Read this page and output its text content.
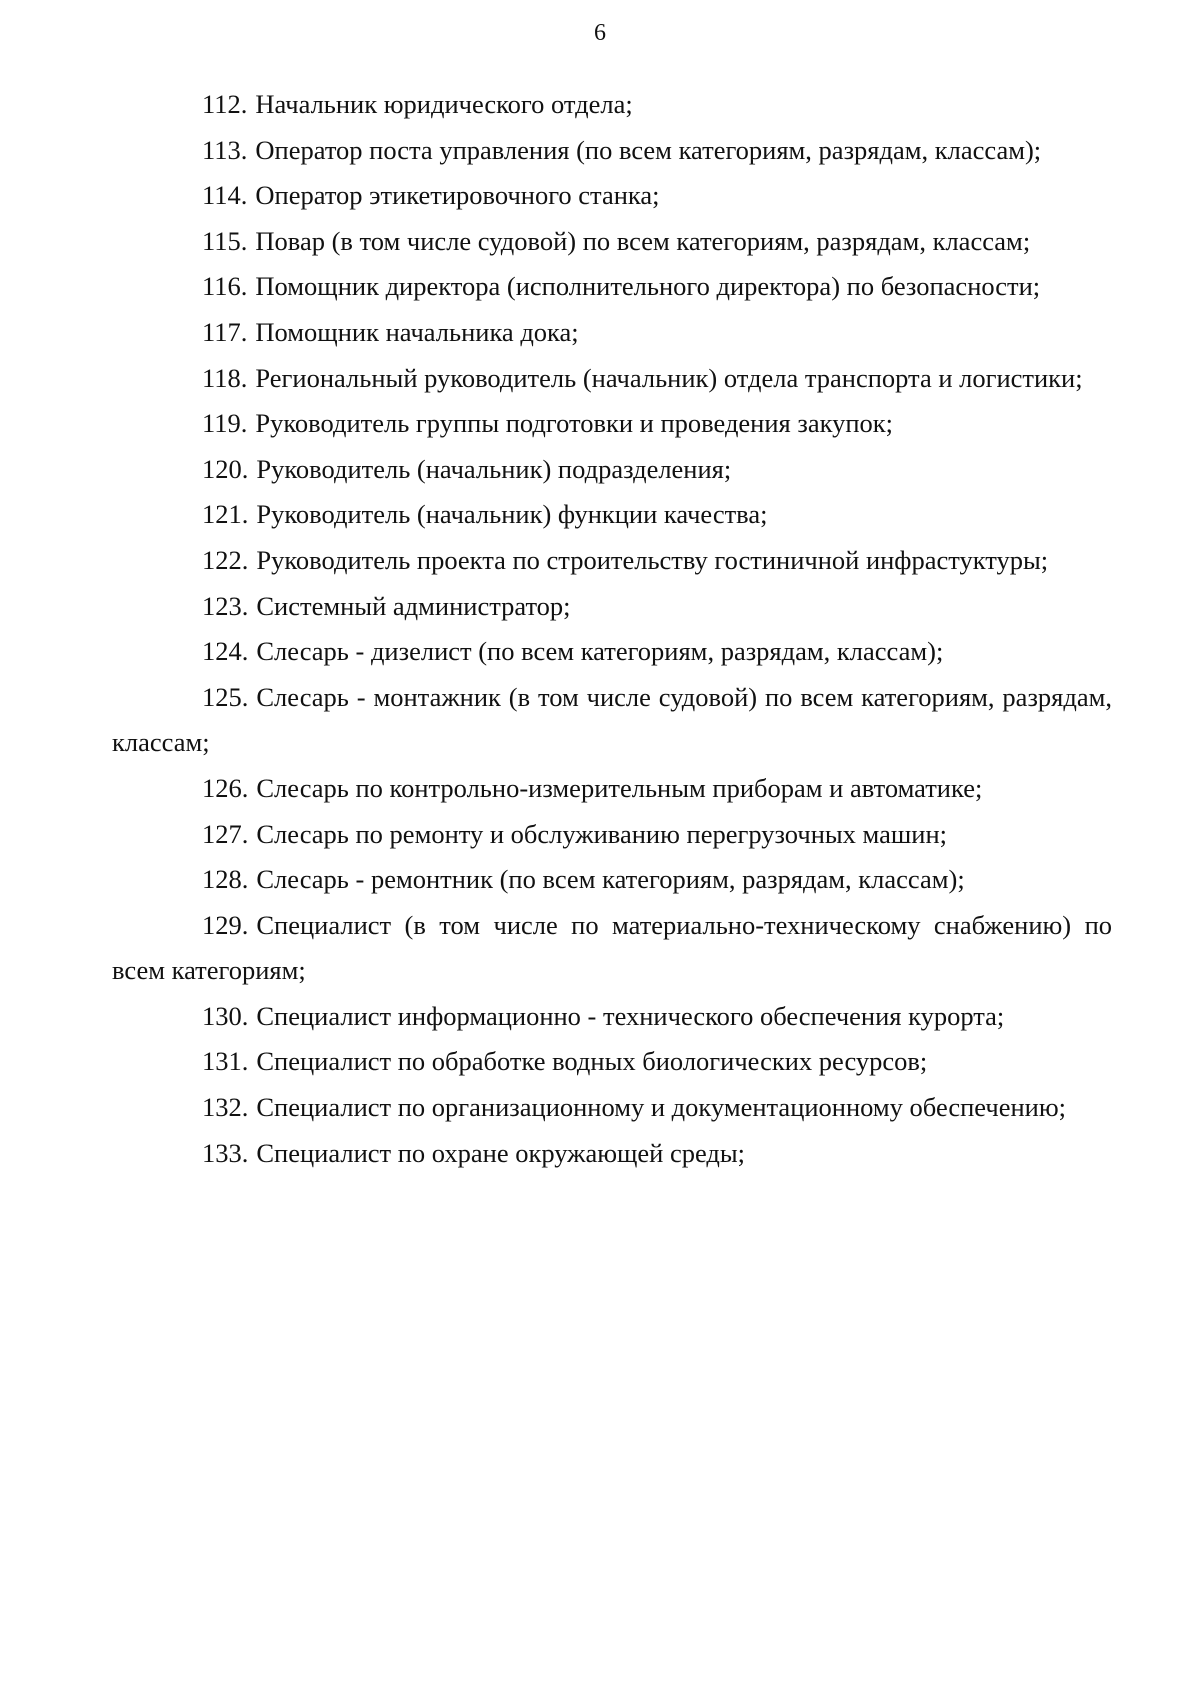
6

112. Начальник юридического отдела;

113. Оператор поста управления (по всем категориям, разрядам, классам);

114. Оператор этикетировочного станка;

115. Повар (в том числе судовой) по всем категориям, разрядам, классам;

116. Помощник директора (исполнительного директора) по безопасности;

117. Помощник начальника дока;

118. Региональный руководитель (начальник) отдела транспорта и логистики;

119. Руководитель группы подготовки и проведения закупок;

120. Руководитель (начальник) подразделения;

121. Руководитель (начальник) функции качества;

122. Руководитель проекта по строительству гостиничной инфрастуктуры;

123. Системный администратор;

124. Слесарь - дизелист (по всем категориям, разрядам, классам);

125. Слесарь - монтажник (в том числе судовой) по всем категориям, разрядам, классам;

126. Слесарь по контрольно-измерительным приборам и автоматике;

127. Слесарь по ремонту и обслуживанию перегрузочных машин;

128. Слесарь - ремонтник (по всем категориям, разрядам, классам);

129. Специалист (в том числе по материально-техническому снабжению) по всем категориям;

130. Специалист информационно - технического обеспечения курорта;

131. Специалист по обработке водных биологических ресурсов;

132. Специалист по организационному и документационному обеспечению;

133. Специалист по охране окружающей среды;
